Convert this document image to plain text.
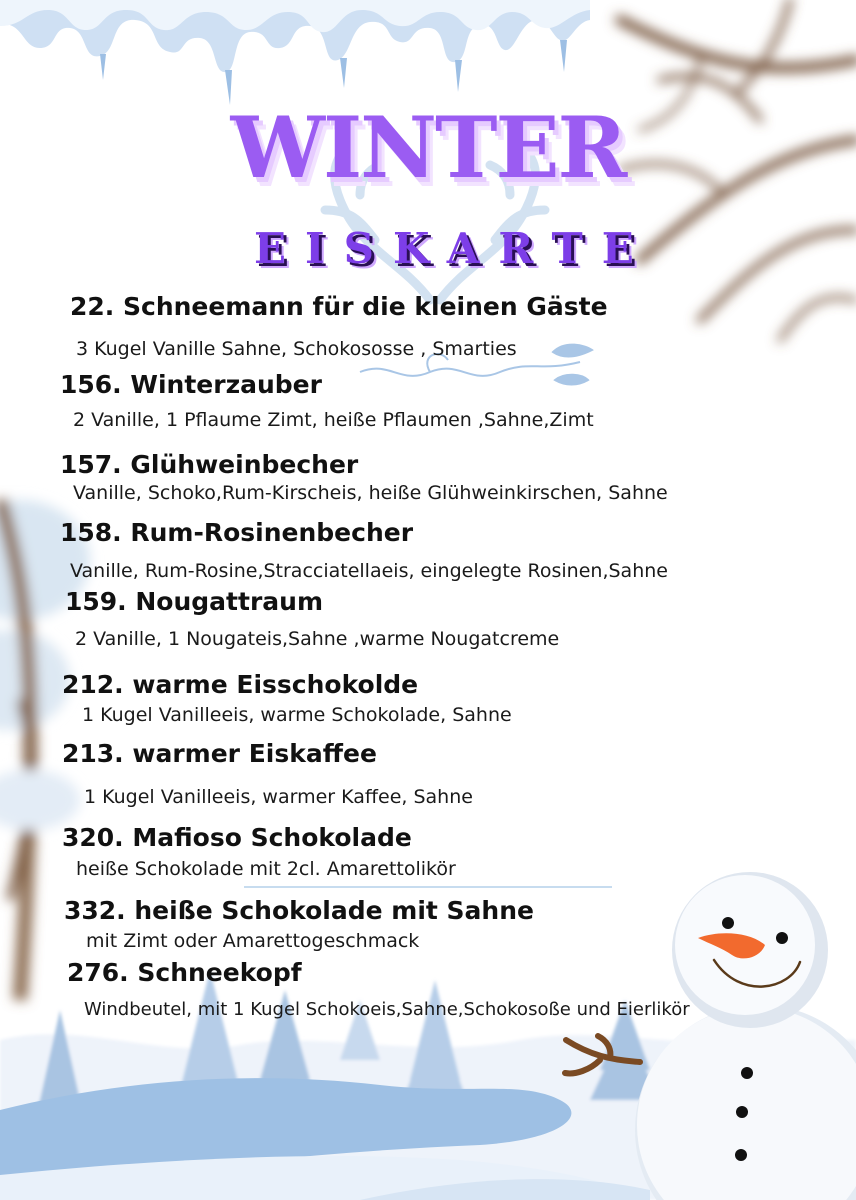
WINTER
EISKARTE
22. Schneemann für die kleinen Gäste
3 Kugel Vanille Sahne, Schokososse , Smarties
156. Winterzauber
2 Vanille, 1 Pflaume Zimt, heiße Pflaumen ,Sahne,Zimt
157. Glühweinbecher
Vanille, Schoko,Rum-Kirscheis, heiße Glühweinkirschen, Sahne
158. Rum-Rosinenbecher
Vanille, Rum-Rosine,Stracciatellaeis, eingelegte Rosinen,Sahne
159. Nougattraum
2 Vanille, 1 Nougateis,Sahne ,warme Nougatcreme
212. warme Eisschokolde
1 Kugel Vanilleeis, warme Schokolade, Sahne
213. warmer Eiskaffee
1 Kugel Vanilleeis, warmer Kaffee, Sahne
320. Mafioso Schokolade
heiße Schokolade mit 2cl. Amarettolikör
332. heiße Schokolade mit Sahne
mit Zimt oder Amarettogeschmack
276. Schneekopf
Windbeutel, mit 1 Kugel Schokoeis,Sahne,Schokosoße und Eierlikör
